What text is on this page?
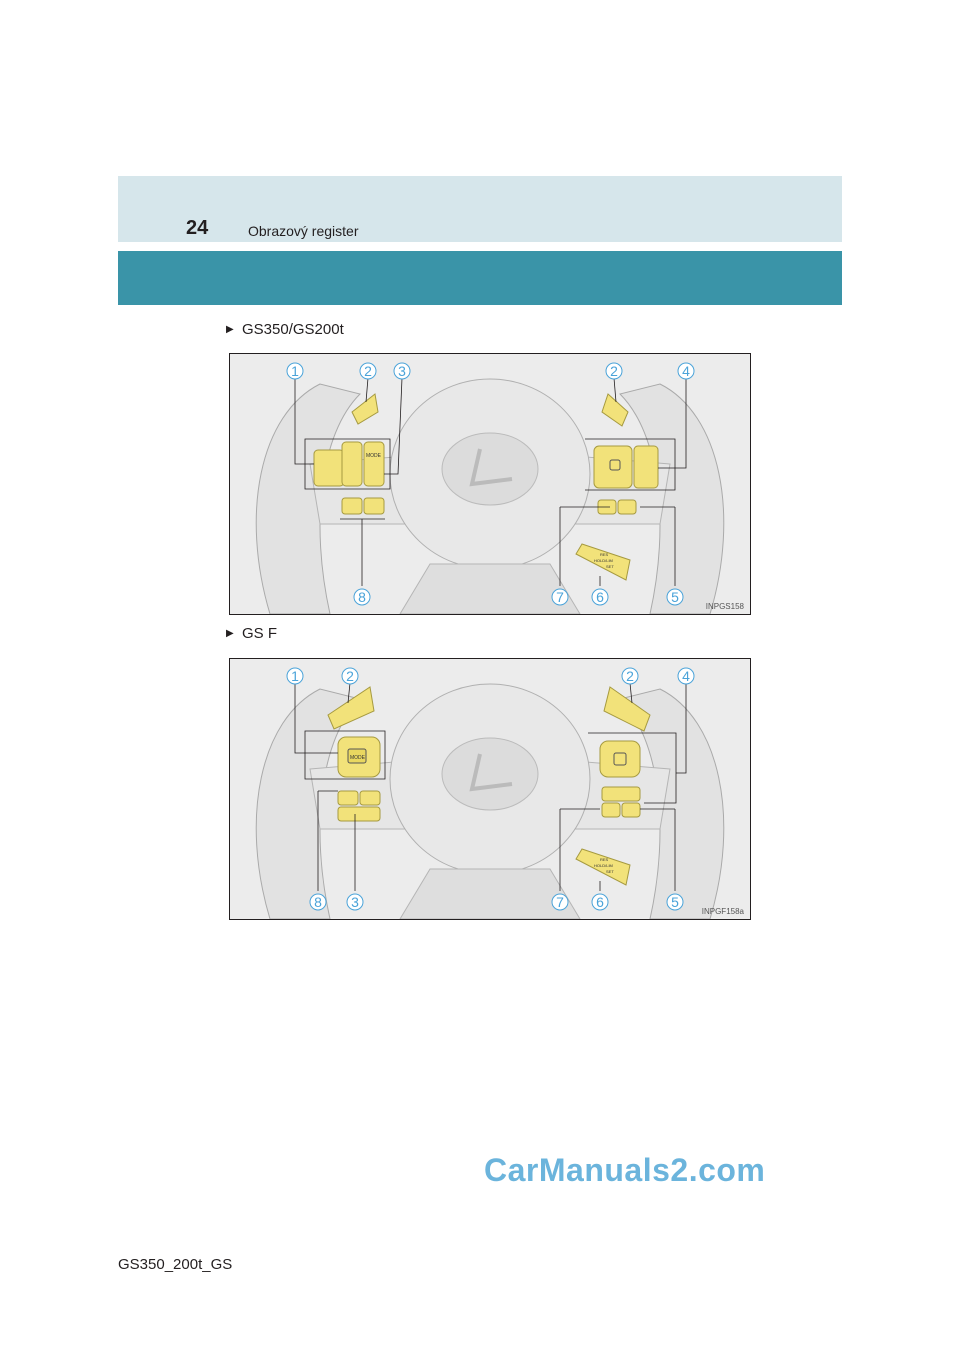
24	Obrazový register
▶ GS350/GS200t
MODE
RES
HOLD/LIM
SET
1	2 3	2	4
8	7 6	5
INPGS158
▶ GS F
MODE
RES
HOLD/LIM
SET
1	2	2	4
8 3	7 6	5
INPGF158a
CarManuals2.com
GS350_200t_GS
